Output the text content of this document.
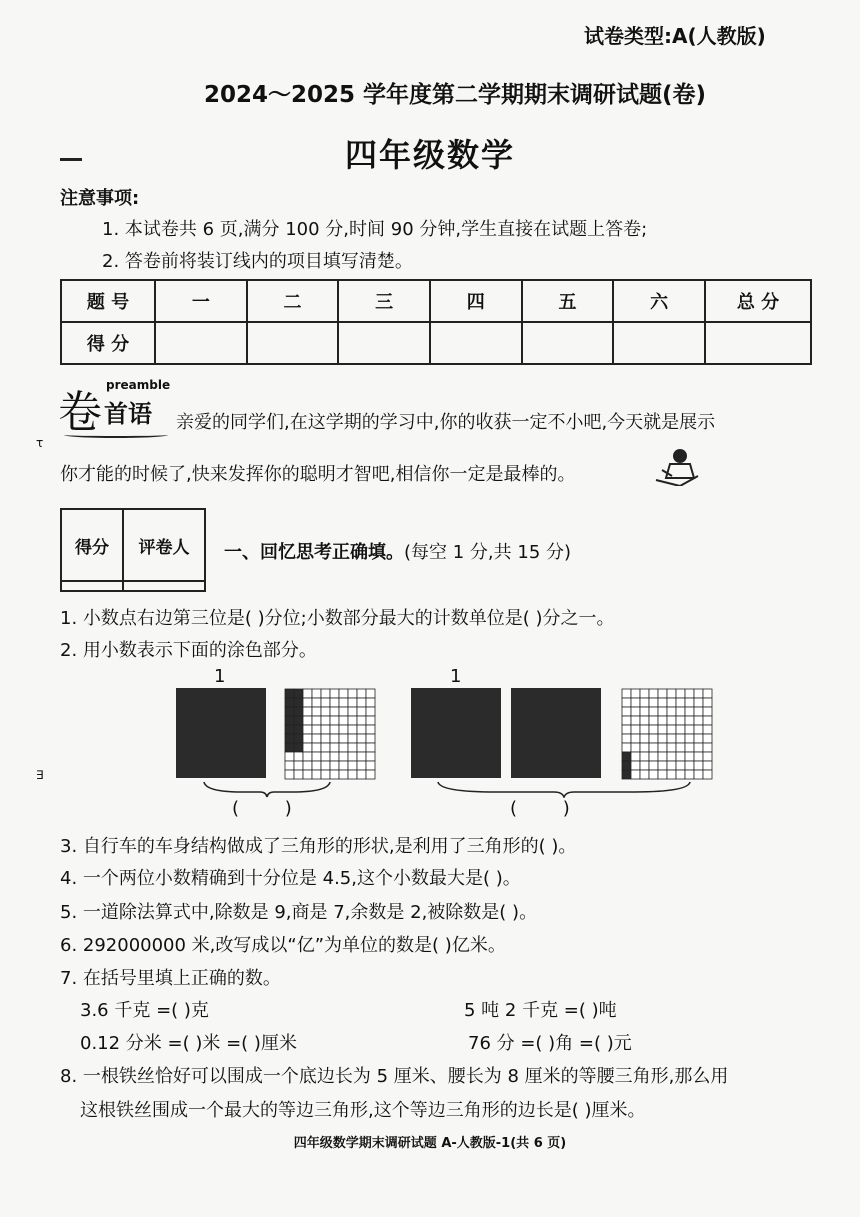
试卷类型:A(人教版)
2024～2025 学年度第二学期期末调研试题(卷)
四年级数学
注意事项:
1. 本试卷共 6 页,满分 100 分,时间 90 分钟,学生直接在试题上答卷;
2. 答卷前将装订线内的项目填写清楚。
题 号	一	二	三	四	五	六	总 分
得 分							
卷
preamble
首语 亲爱的同学们,在这学期的学习中,你的收获一定不小吧,今天就是展示
你才能的时候了,快来发挥你的聪明才智吧,相信你一定是最棒的。
得分	评卷人
	一、回忆思考正确填。(每空 1 分,共 15 分)
1. 小数点右边第三位是( )分位;小数部分最大的计数单位是( )分之一。
2. 用小数表示下面的涂色部分。
1	1
(        )	(        )
3. 自行车的车身结构做成了三角形的形状,是利用了三角形的( )。
4. 一个两位小数精确到十分位是 4.5,这个小数最大是( )。
5. 一道除法算式中,除数是 9,商是 7,余数是 2,被除数是( )。
6. 292000000 米,改写成以“亿”为单位的数是( )亿米。
7. 在括号里填上正确的数。
3.6 千克 =( )克	5 吨 2 千克 =( )吨
0.12 分米 =( )米 =( )厘米	76 分 =( )角 =( )元
8. 一根铁丝恰好可以围成一个底边长为 5 厘米、腰长为 8 厘米的等腰三角形,那么用
这根铁丝围成一个最大的等边三角形,这个等边三角形的边长是( )厘米。
四年级数学期末调研试题 A-人教版-1(共 6 页)
τ
∃
